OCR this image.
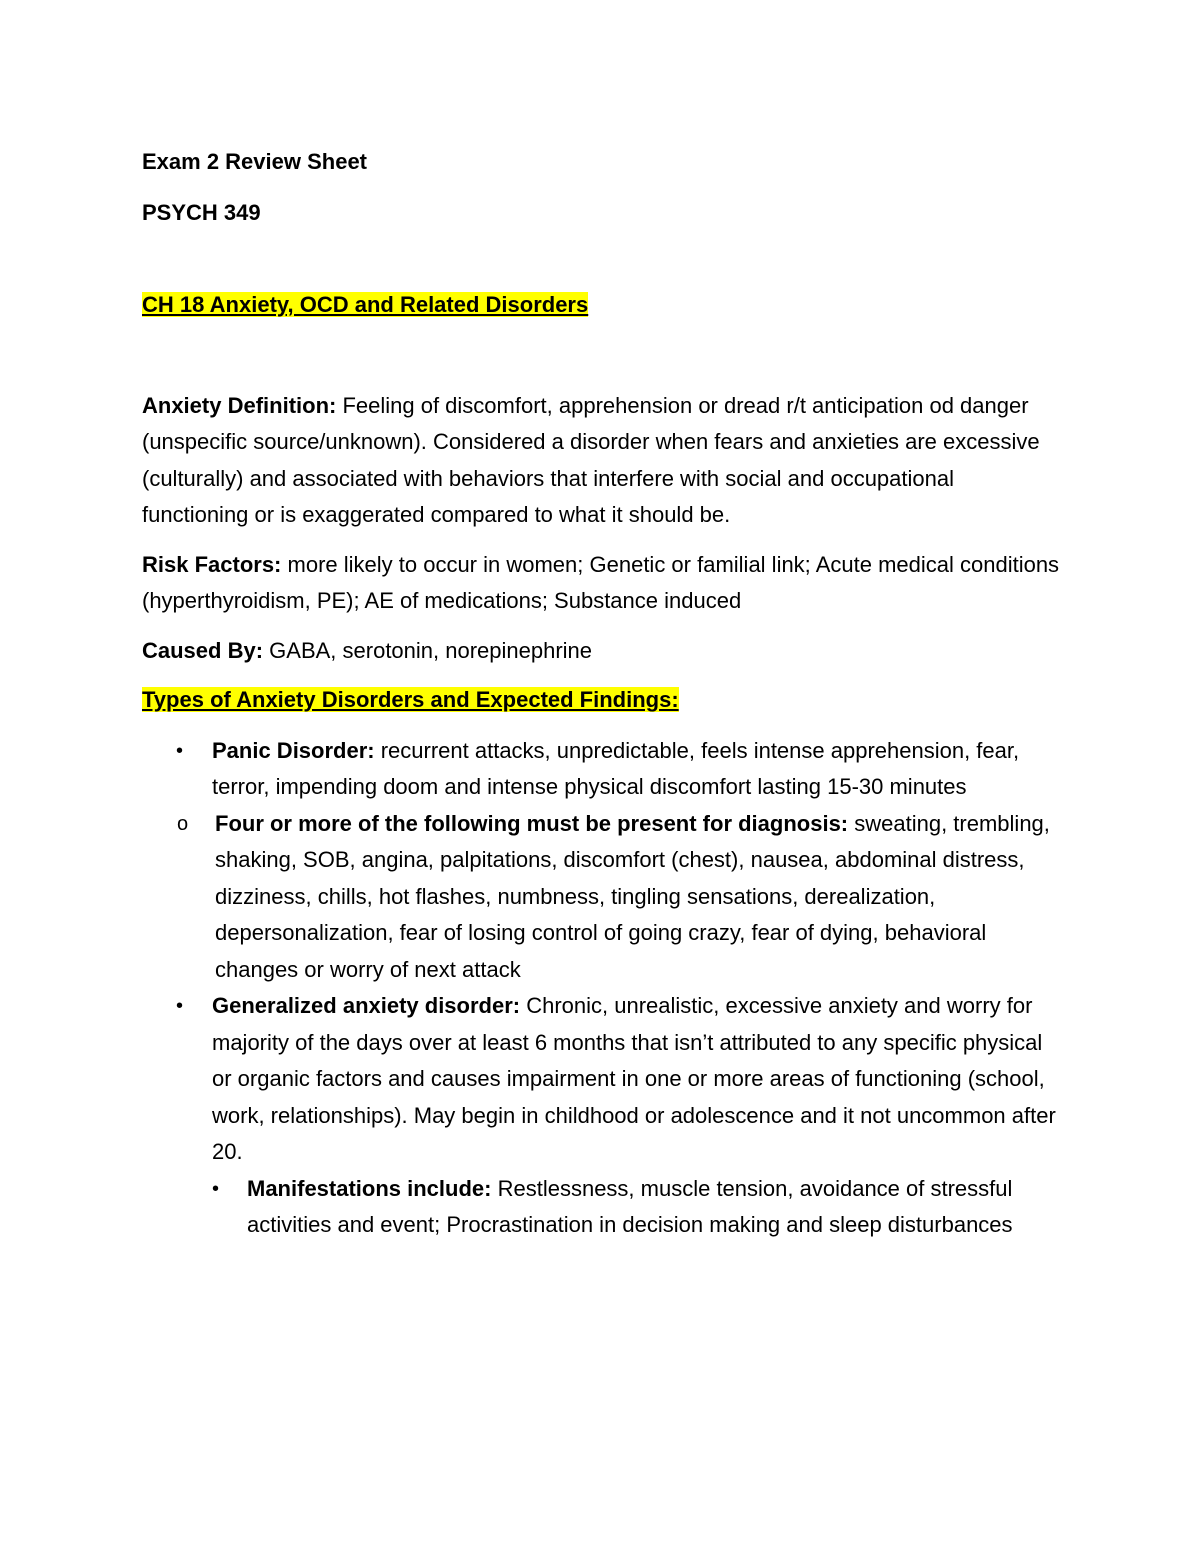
Exam 2 Review Sheet

PSYCH 349

CH 18 Anxiety, OCD and Related Disorders

Anxiety Definition: Feeling of discomfort, apprehension or dread r/t anticipation od danger (unspecific source/unknown). Considered a disorder when fears and anxieties are excessive (culturally) and associated with behaviors that interfere with social and occupational functioning or is exaggerated compared to what it should be.

Risk Factors: more likely to occur in women; Genetic or familial link; Acute medical conditions (hyperthyroidism, PE); AE of medications; Substance induced

Caused By: GABA, serotonin, norepinephrine

Types of Anxiety Disorders and Expected Findings:

• Panic Disorder: recurrent attacks, unpredictable, feels intense apprehension, fear, terror, impending doom and intense physical discomfort lasting 15-30 minutes
o Four or more of the following must be present for diagnosis: sweating, trembling, shaking, SOB, angina, palpitations, discomfort (chest), nausea, abdominal distress, dizziness, chills, hot flashes, numbness, tingling sensations, derealization, depersonalization, fear of losing control of going crazy, fear of dying, behavioral changes or worry of next attack
• Generalized anxiety disorder: Chronic, unrealistic, excessive anxiety and worry for majority of the days over at least 6 months that isn’t attributed to any specific physical or organic factors and causes impairment in one or more areas of functioning (school, work, relationships). May begin in childhood or adolescence and it not uncommon after 20.
• Manifestations include: Restlessness, muscle tension, avoidance of stressful activities and event; Procrastination in decision making and sleep disturbances
